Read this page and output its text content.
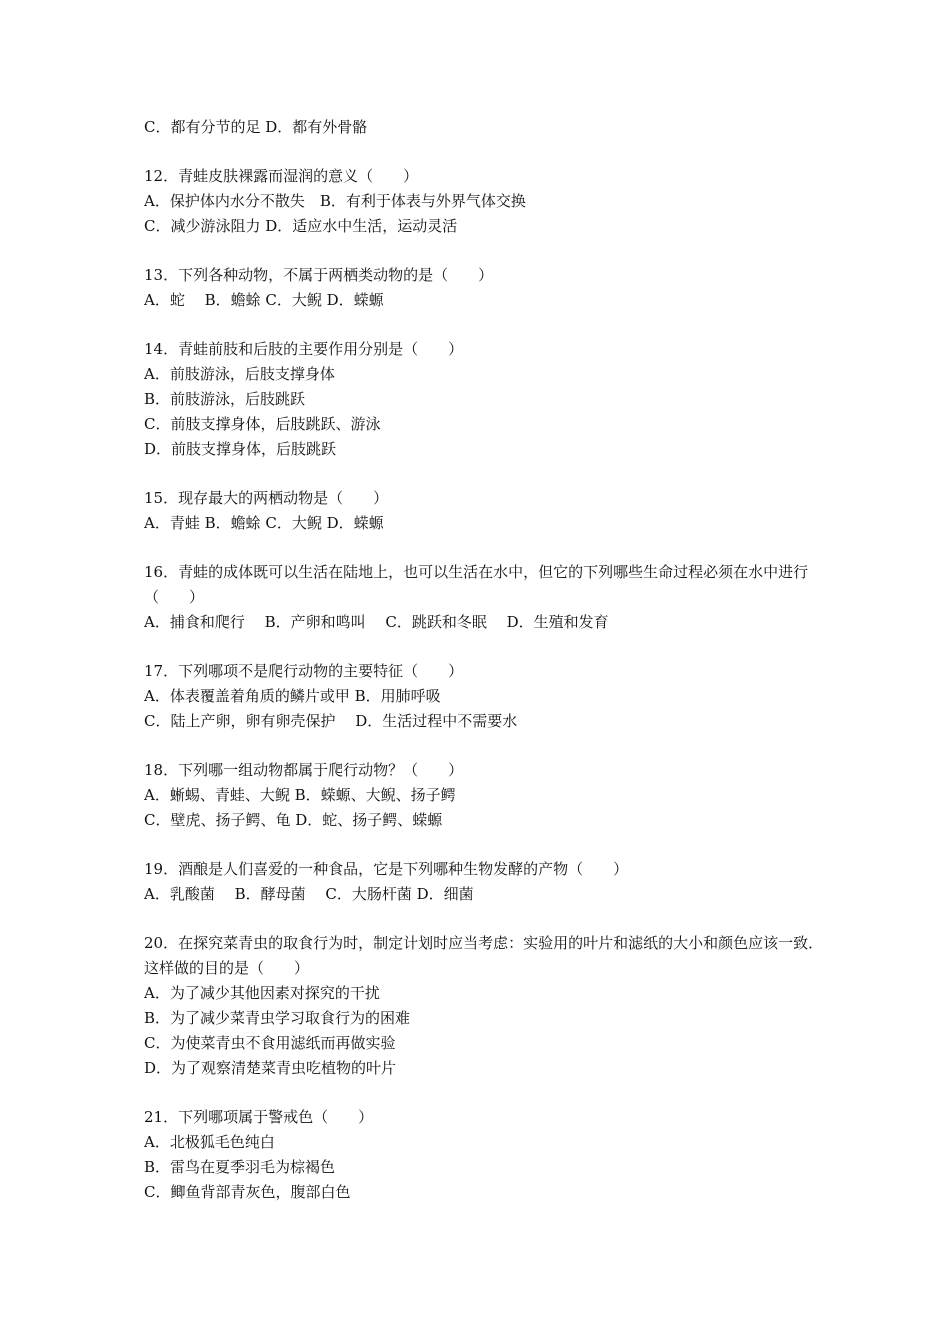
C．都有分节的足 D．都有外骨骼
12．青蛙皮肤裸露而湿润的意义（　　）
A．保护体内水分不散失　B．有利于体表与外界气体交换
C．减少游泳阻力 D．适应水中生活，运动灵活
13．下列各种动物，不属于两栖类动物的是（　　）
A．蛇　 B．蟾蜍 C．大鲵 D．蝾螈
14．青蛙前肢和后肢的主要作用分别是（　　）
A．前肢游泳，后肢支撑身体
B．前肢游泳，后肢跳跃
C．前肢支撑身体，后肢跳跃、游泳
D．前肢支撑身体，后肢跳跃
15．现存最大的两栖动物是（　　）
A．青蛙 B．蟾蜍 C．大鲵 D．蝾螈
16．青蛙的成体既可以生活在陆地上，也可以生活在水中，但它的下列哪些生命过程必须在水中进行（　　）
A．捕食和爬行　 B．产卵和鸣叫　 C．跳跃和冬眠　 D．生殖和发育
17．下列哪项不是爬行动物的主要特征（　　）
A．体表覆盖着角质的鳞片或甲 B．用肺呼吸
C．陆上产卵，卵有卵壳保护　 D．生活过程中不需要水
18．下列哪一组动物都属于爬行动物？（　　）
A．蜥蜴、青蛙、大鲵 B．蝾螈、大鲵、扬子鳄
C．壁虎、扬子鳄、龟 D．蛇、扬子鳄、蝾螈
19．酒酿是人们喜爱的一种食品，它是下列哪种生物发酵的产物（　　）
A．乳酸菌　 B．酵母菌　 C．大肠杆菌 D．细菌
20．在探究菜青虫的取食行为时，制定计划时应当考虑：实验用的叶片和滤纸的大小和颜色应该一致．这样做的目的是（　　）
A．为了减少其他因素对探究的干扰
B．为了减少菜青虫学习取食行为的困难
C．为使菜青虫不食用滤纸而再做实验
D．为了观察清楚菜青虫吃植物的叶片
21．下列哪项属于警戒色（　　）
A．北极狐毛色纯白
B．雷鸟在夏季羽毛为棕褐色
C．鲫鱼背部青灰色，腹部白色
